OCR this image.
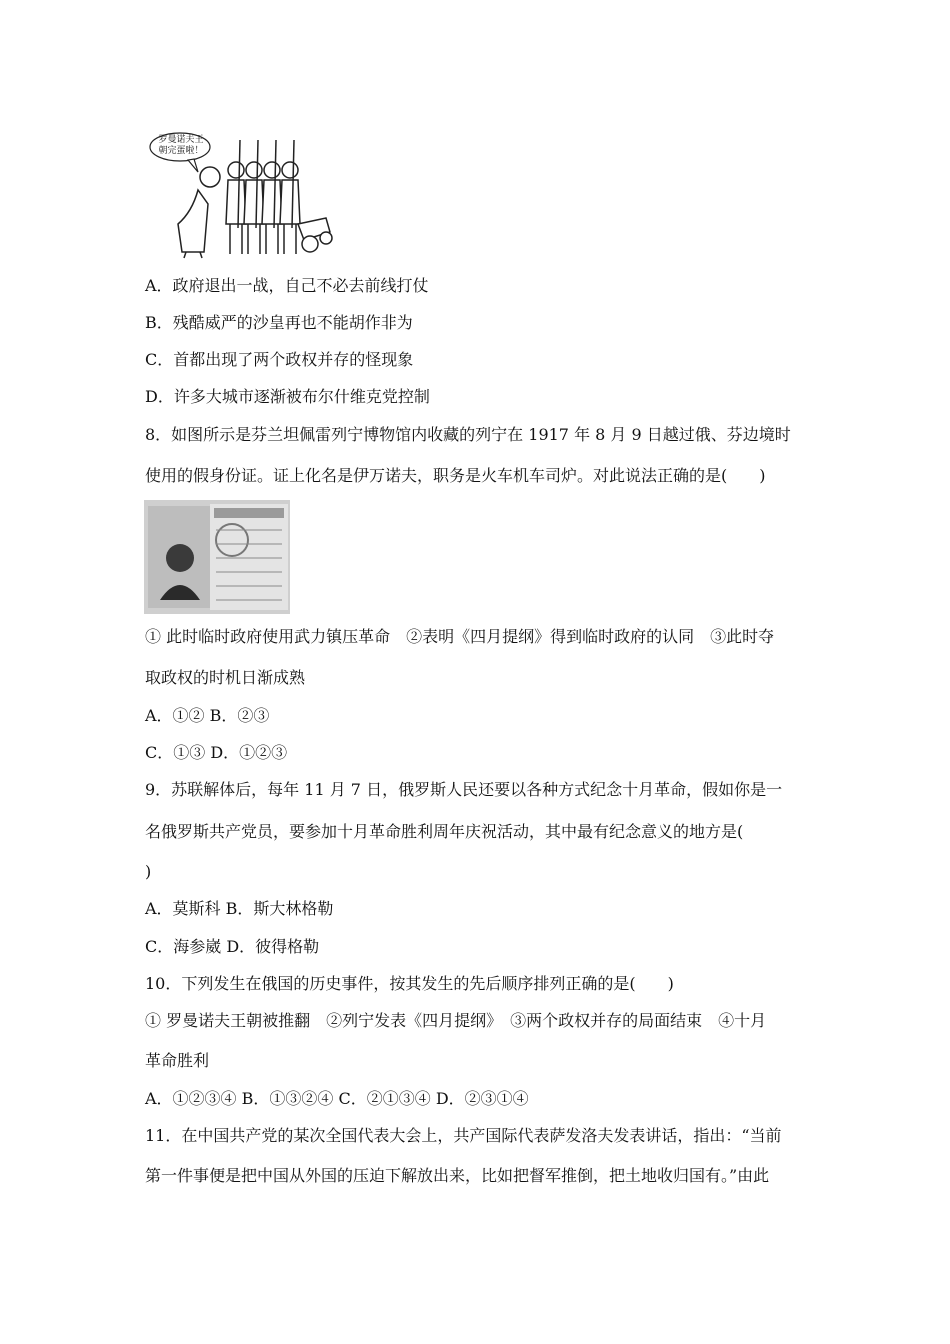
罗曼诺夫王
朝完蛋啦！
A．政府退出一战，自己不必去前线打仗
B．残酷威严的沙皇再也不能胡作非为
C．首都出现了两个政权并存的怪现象
D．许多大城市逐渐被布尔什维克党控制
8．如图所示是芬兰坦佩雷列宁博物馆内收藏的列宁在 1917 年 8 月 9 日越过俄、芬边境时
使用的假身份证。证上化名是伊万诺夫，职务是火车机车司炉。对此说法正确的是(　　)
① 此时临时政府使用武力镇压革命　②表明《四月提纲》得到临时政府的认同　③此时夺
取政权的时机日渐成熟
A．①② B．②③
C．①③ D．①②③
9．苏联解体后，每年 11 月 7 日，俄罗斯人民还要以各种方式纪念十月革命，假如你是一
名俄罗斯共产党员，要参加十月革命胜利周年庆祝活动，其中最有纪念意义的地方是(
)
A．莫斯科 B．斯大林格勒
C．海参崴 D．彼得格勒
10．下列发生在俄国的历史事件，按其发生的先后顺序排列正确的是(　　)
① 罗曼诺夫王朝被推翻　②列宁发表《四月提纲》　③两个政权并存的局面结束　④十月
革命胜利
A．①②③④ B．①③②④ C．②①③④ D．②③①④
11．在中国共产党的某次全国代表大会上，共产国际代表萨发洛夫发表讲话，指出：“当前
第一件事便是把中国从外国的压迫下解放出来，比如把督军推倒，把土地收归国有。”由此
